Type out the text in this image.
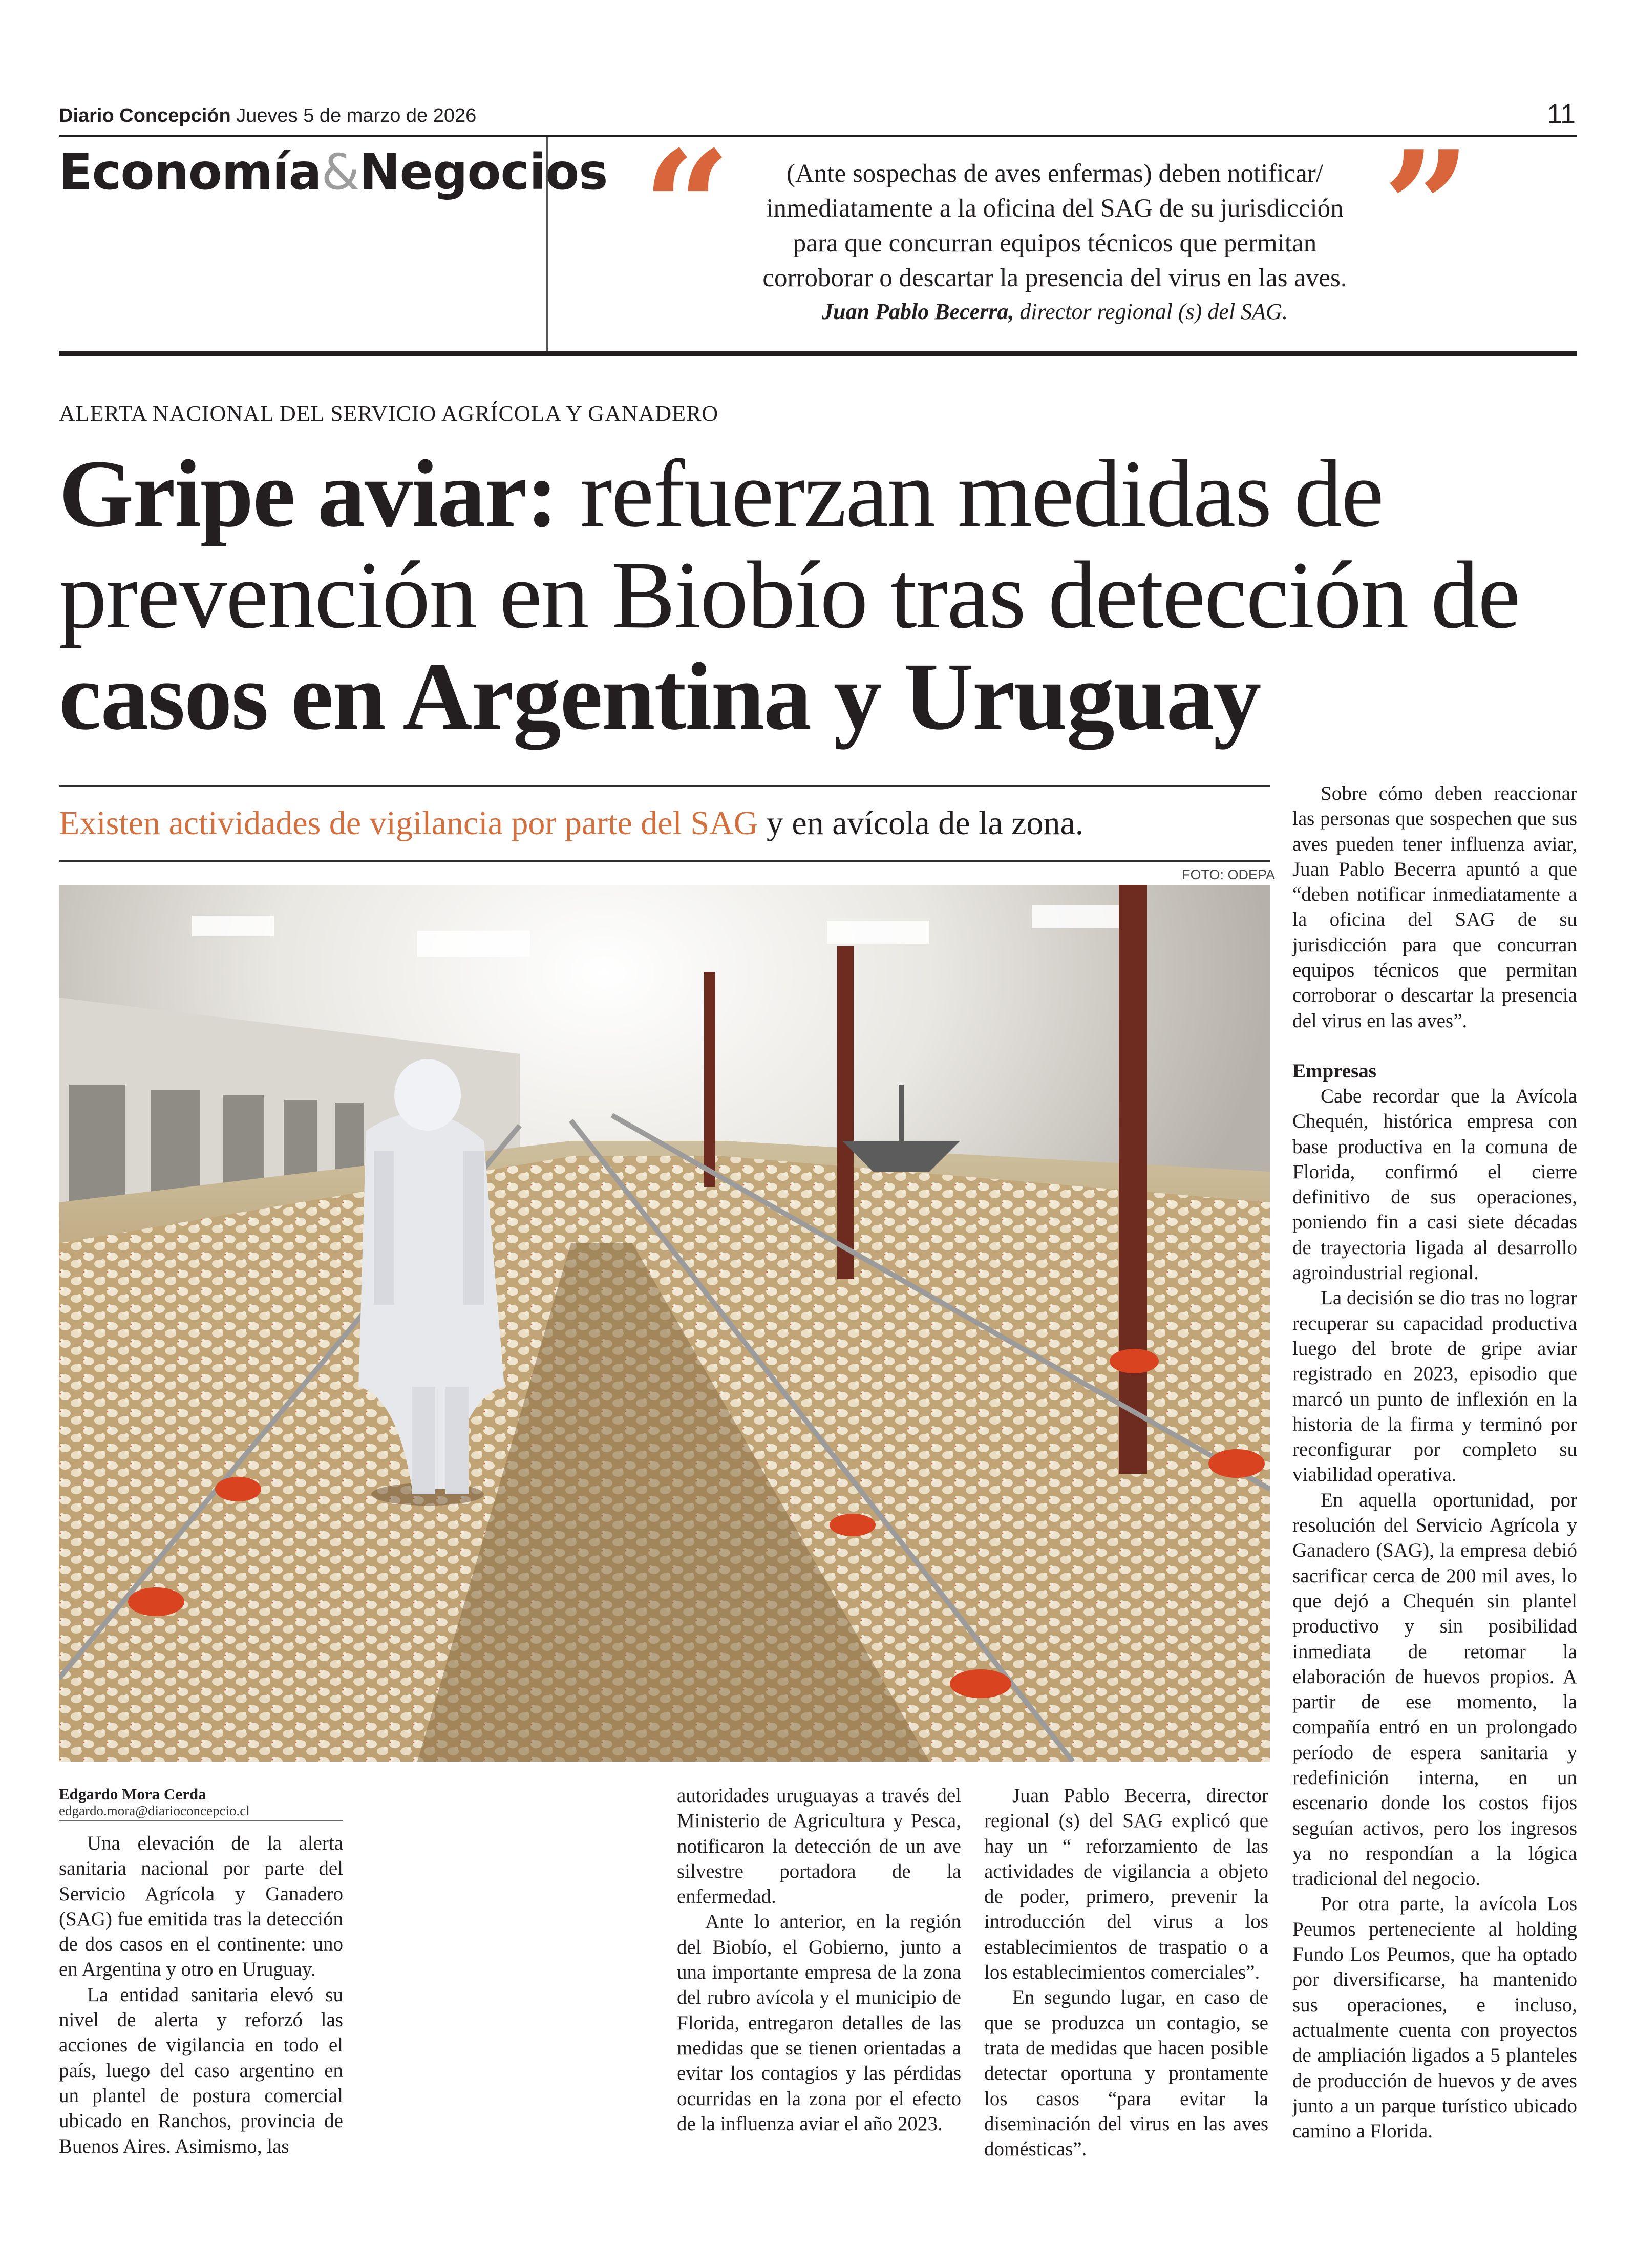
Diario Concepción Jueves 5 de marzo de 2026	11
Economía&Negocios “	”
(Ante sospechas de aves enfermas) deben notificar/
inmediatamente a la oficina del SAG de su jurisdicción
para que concurran equipos técnicos que permitan
corroborar o descartar la presencia del virus en las aves.
Juan Pablo Becerra, director regional (s) del SAG.
ALERTA NACIONAL DEL SERVICIO AGRÍCOLA Y GANADERO
Gripe aviar: refuerzan medidas de prevención en Biobío tras detección de casos en Argentina y Uruguay
Existen actividades de vigilancia por parte del SAG y en avícola de la zona.
FOTO: ODEPA
Edgardo Mora Cerda
edgardo.mora@diarioconcepcio.cl

Una elevación de la alerta sanitaria nacional por parte del Servicio Agrícola y Ganadero (SAG) fue emitida tras la detección de dos casos en el continente: uno en Argentina y otro en Uruguay.

La entidad sanitaria elevó su nivel de alerta y reforzó las acciones de vigilancia en todo el país, luego del caso argentino en un plantel de postura comercial ubicado en Ranchos, provincia de Buenos Aires. Asimismo, las

autoridades uruguayas a través del Ministerio de Agricultura y Pesca, notificaron la detección de un ave silvestre portadora de la enfermedad.

Ante lo anterior, en la región del Biobío, el Gobierno, junto a una importante empresa de la zona del rubro avícola y el municipio de Florida, entregaron detalles de las medidas que se tienen orientadas a evitar los contagios y las pérdidas ocurridas en la zona por el efecto de la influenza aviar el año 2023.

Juan Pablo Becerra, director regional (s) del SAG explicó que hay un “ reforzamiento de las actividades de vigilancia a objeto de poder, primero, prevenir la introducción del virus a los establecimientos de traspatio o a los establecimientos comerciales”.

En segundo lugar, en caso de que se produzca un contagio, se trata de medidas que hacen posible detectar oportuna y prontamente los casos “para evitar la diseminación del virus en las aves domésticas”.

Sobre cómo deben reaccionar las personas que sospechen que sus aves pueden tener influenza aviar, Juan Pablo Becerra apuntó a que “deben notificar inmediatamente a la oficina del SAG de su jurisdicción para que concurran equipos técnicos que permitan corroborar o descartar la presencia del virus en las aves”.

Empresas

Cabe recordar que la Avícola Chequén, histórica empresa con base productiva en la comuna de Florida, confirmó el cierre definitivo de sus operaciones, poniendo fin a casi siete décadas de trayectoria ligada al desarrollo agroindustrial regional.

La decisión se dio tras no lograr recuperar su capacidad productiva luego del brote de gripe aviar registrado en 2023, episodio que marcó un punto de inflexión en la historia de la firma y terminó por reconfigurar por completo su viabilidad operativa.

En aquella oportunidad, por resolución del Servicio Agrícola y Ganadero (SAG), la empresa debió sacrificar cerca de 200 mil aves, lo que dejó a Chequén sin plantel productivo y sin posibilidad inmediata de retomar la elaboración de huevos propios. A partir de ese momento, la compañía entró en un prolongado período de espera sanitaria y redefinición interna, en un escenario donde los costos fijos seguían activos, pero los ingresos ya no respondían a la lógica tradicional del negocio.

Por otra parte, la avícola Los Peumos perteneciente al holding Fundo Los Peumos, que ha optado por diversificarse, ha mantenido sus operaciones, e incluso, actualmente cuenta con proyectos de ampliación ligados a 5 planteles de producción de huevos y de aves junto a un parque turístico ubicado camino a Florida.
